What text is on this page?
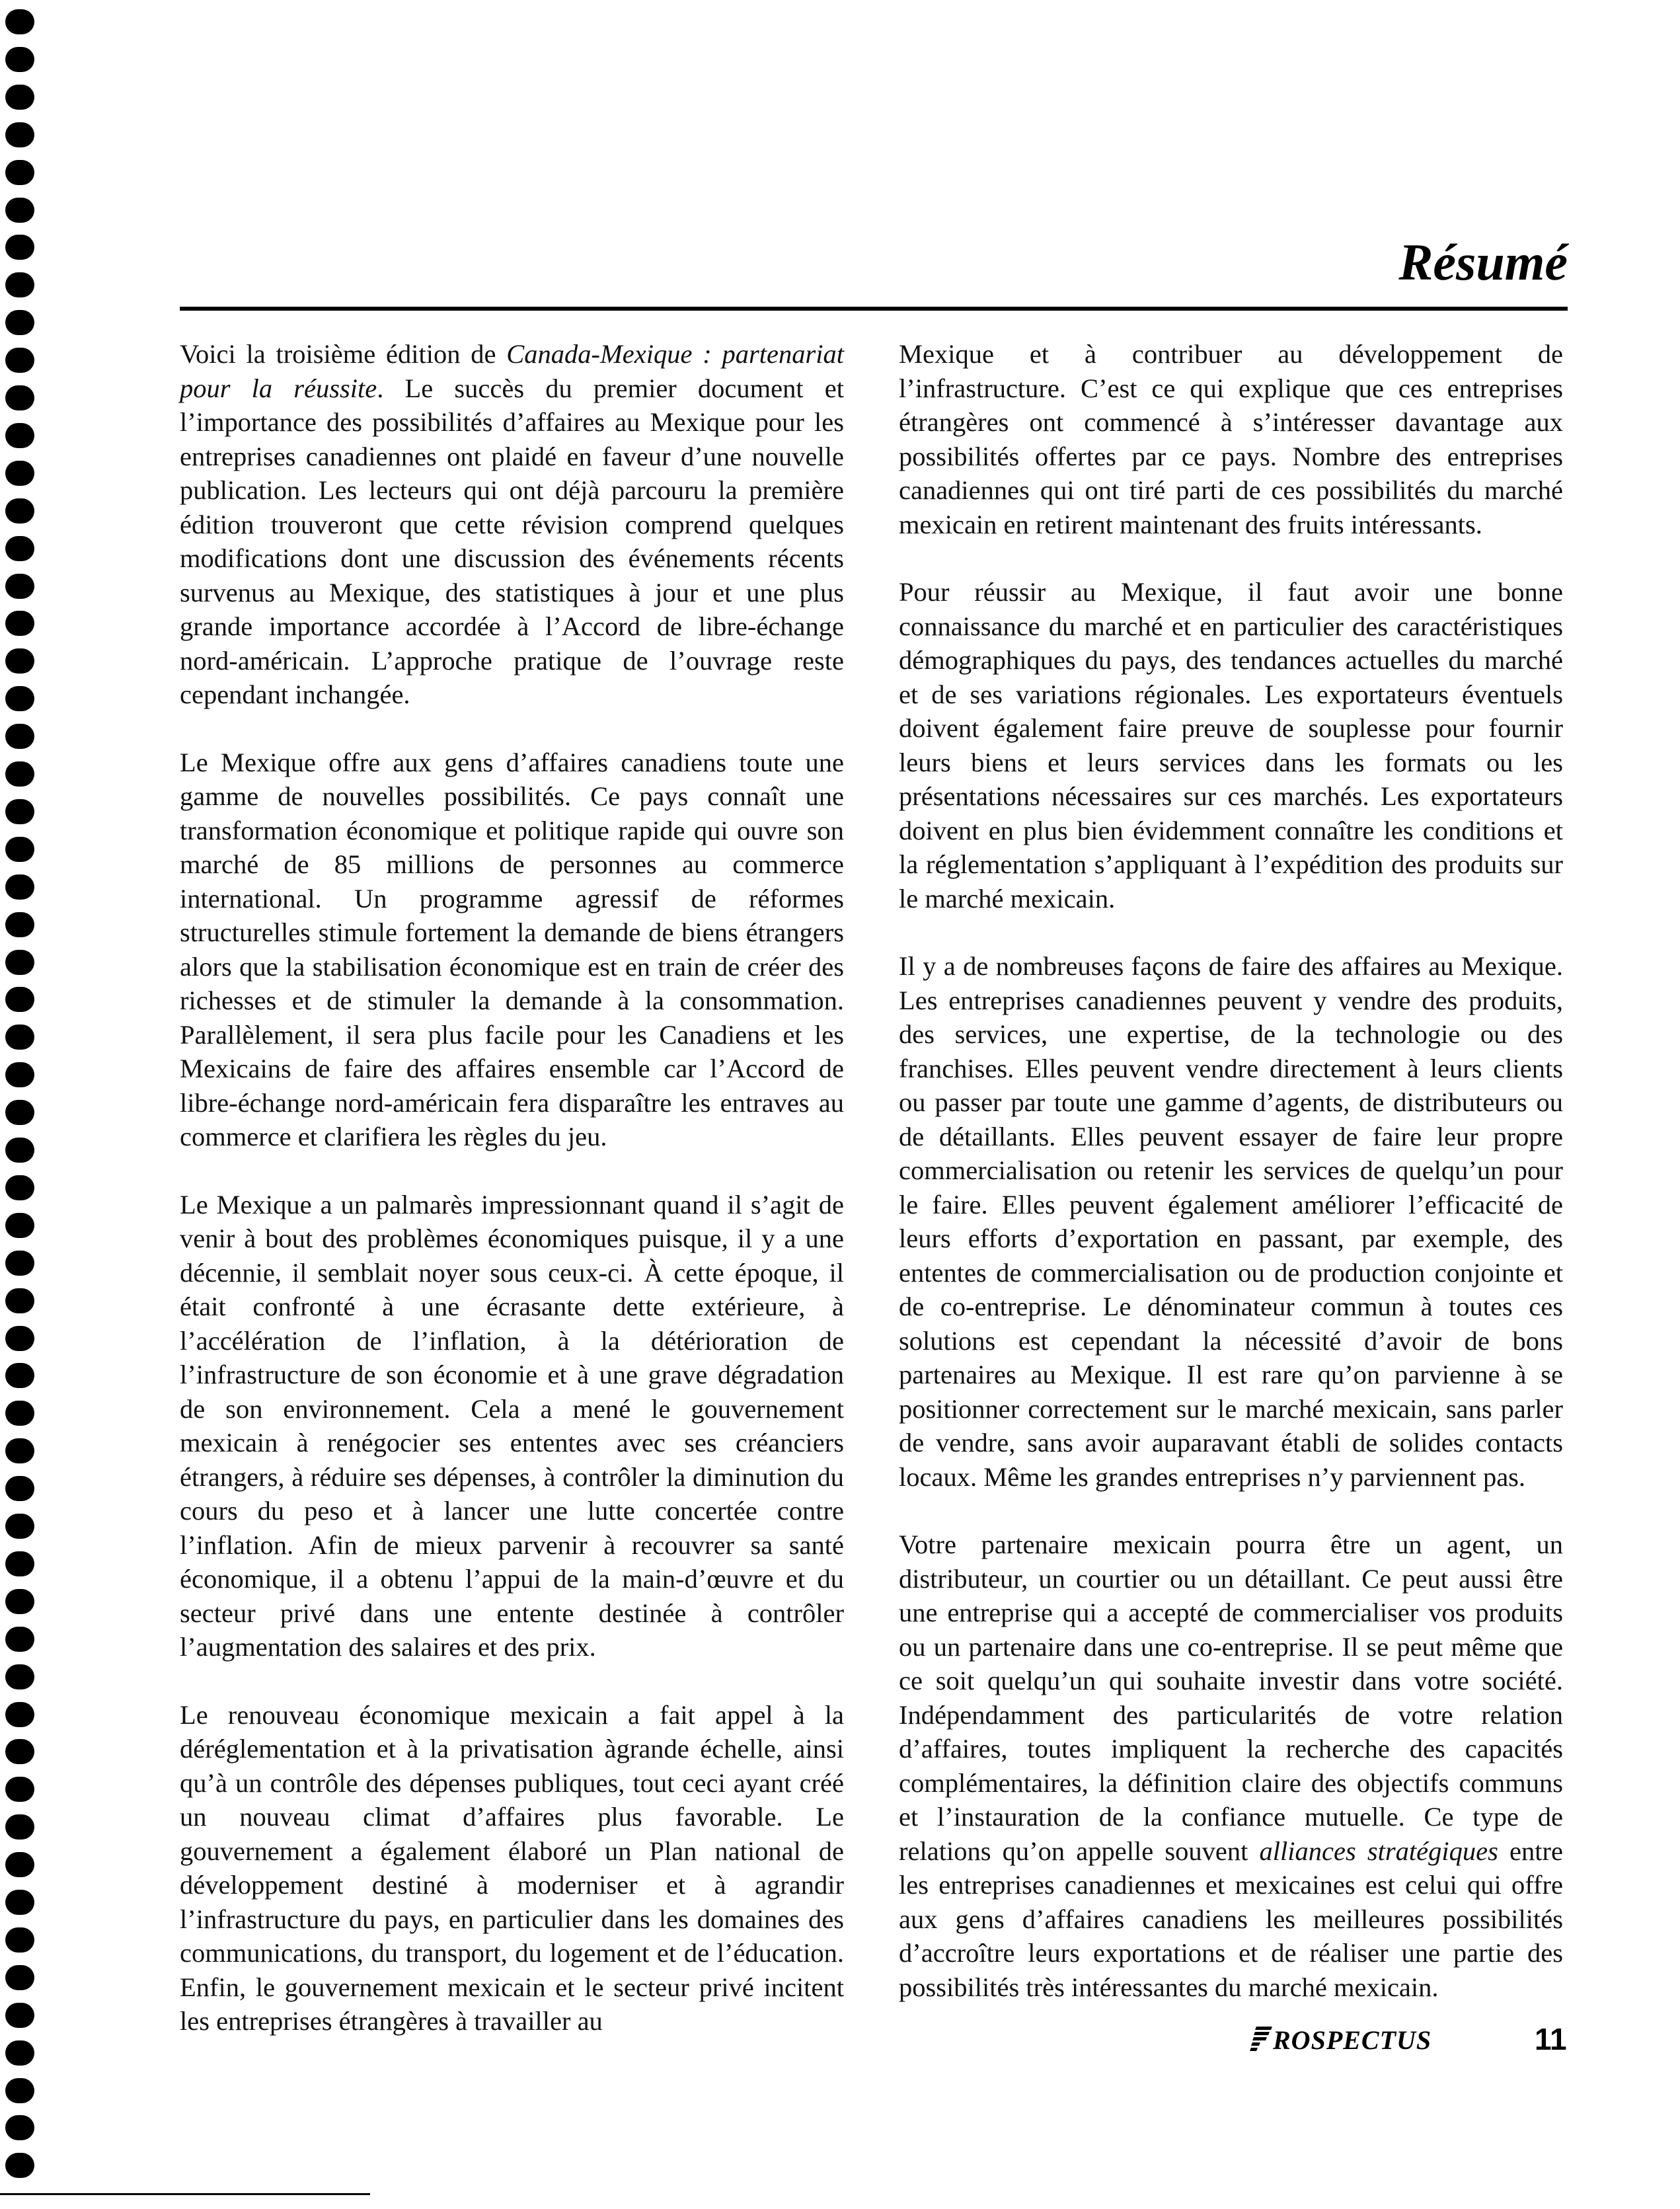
Résumé

Voici la troisième édition de Canada-Mexique : partenariat pour la réussite. Le succès du premier document et l’importance des possibilités d’affaires au Mexique pour les entreprises canadiennes ont plaidé en faveur d’une nouvelle publication. Les lecteurs qui ont déjà parcouru la première édition trouveront que cette révision comprend quelques modifications dont une discussion des événements récents survenus au Mexique, des statistiques à jour et une plus grande importance accordée à l’Accord de libre-échange nord-américain. L’approche pratique de l’ouvrage reste cependant inchangée.

Le Mexique offre aux gens d’affaires canadiens toute une gamme de nouvelles possibilités. Ce pays connaît une transformation économique et politique rapide qui ouvre son marché de 85 millions de personnes au commerce international. Un programme agressif de réformes structurelles stimule fortement la demande de biens étrangers alors que la stabilisation économique est en train de créer des richesses et de stimuler la demande à la consommation. Parallèlement, il sera plus facile pour les Canadiens et les Mexicains de faire des affaires ensemble car l’Accord de libre-échange nord-américain fera disparaître les entraves au commerce et clarifiera les règles du jeu.

Le Mexique a un palmarès impressionnant quand il s’agit de venir à bout des problèmes économiques puisque, il y a une décennie, il semblait noyer sous ceux-ci. À cette époque, il était confronté à une écrasante dette extérieure, à l’accélération de l’inflation, à la détérioration de l’infrastructure de son économie et à une grave dégradation de son environnement. Cela a mené le gouvernement mexicain à renégocier ses ententes avec ses créanciers étrangers, à réduire ses dépenses, à contrôler la diminution du cours du peso et à lancer une lutte concertée contre l’inflation. Afin de mieux parvenir à recouvrer sa santé économique, il a obtenu l’appui de la main-d’œuvre et du secteur privé dans une entente destinée à contrôler l’augmentation des salaires et des prix.

Le renouveau économique mexicain a fait appel à la déréglementation et à la privatisation àgrande échelle, ainsi qu’à un contrôle des dépenses publiques, tout ceci ayant créé un nouveau climat d’affaires plus favorable. Le gouvernement a également élaboré un Plan national de développement destiné à moderniser et à agrandir l’infrastructure du pays, en particulier dans les domaines des communications, du transport, du logement et de l’éducation. Enfin, le gouvernement mexicain et le secteur privé incitent les entreprises étrangères à travailler au

Mexique et à contribuer au développement de l’infrastructure. C’est ce qui explique que ces entreprises étrangères ont commencé à s’intéresser davantage aux possibilités offertes par ce pays. Nombre des entreprises canadiennes qui ont tiré parti de ces possibilités du marché mexicain en retirent maintenant des fruits intéressants.

Pour réussir au Mexique, il faut avoir une bonne connaissance du marché et en particulier des caractéristiques démographiques du pays, des tendances actuelles du marché et de ses variations régionales. Les exportateurs éventuels doivent également faire preuve de souplesse pour fournir leurs biens et leurs services dans les formats ou les présentations nécessaires sur ces marchés. Les exportateurs doivent en plus bien évidemment connaître les conditions et la réglementation s’appliquant à l’expédition des produits sur le marché mexicain.

Il y a de nombreuses façons de faire des affaires au Mexique. Les entreprises canadiennes peuvent y vendre des produits, des services, une expertise, de la technologie ou des franchises. Elles peuvent vendre directement à leurs clients ou passer par toute une gamme d’agents, de distributeurs ou de détaillants. Elles peuvent essayer de faire leur propre commercialisation ou retenir les services de quelqu’un pour le faire. Elles peuvent également améliorer l’efficacité de leurs efforts d’exportation en passant, par exemple, des ententes de commercialisation ou de production conjointe et de co-entreprise. Le dénominateur commun à toutes ces solutions est cependant la nécessité d’avoir de bons partenaires au Mexique. Il est rare qu’on parvienne à se positionner correctement sur le marché mexicain, sans parler de vendre, sans avoir auparavant établi de solides contacts locaux. Même les grandes entreprises n’y parviennent pas.

Votre partenaire mexicain pourra être un agent, un distributeur, un courtier ou un détaillant. Ce peut aussi être une entreprise qui a accepté de commercialiser vos produits ou un partenaire dans une co-entreprise. Il se peut même que ce soit quelqu’un qui souhaite investir dans votre société. Indépendamment des particularités de votre relation d’affaires, toutes impliquent la recherche des capacités complémentaires, la définition claire des objectifs communs et l’instauration de la confiance mutuelle. Ce type de relations qu’on appelle souvent alliances stratégiques entre les entreprises canadiennes et mexicaines est celui qui offre aux gens d’affaires canadiens les meilleures possibilités d’accroître leurs exportations et de réaliser une partie des possibilités très intéressantes du marché mexicain.

ROSPECTUS	11
